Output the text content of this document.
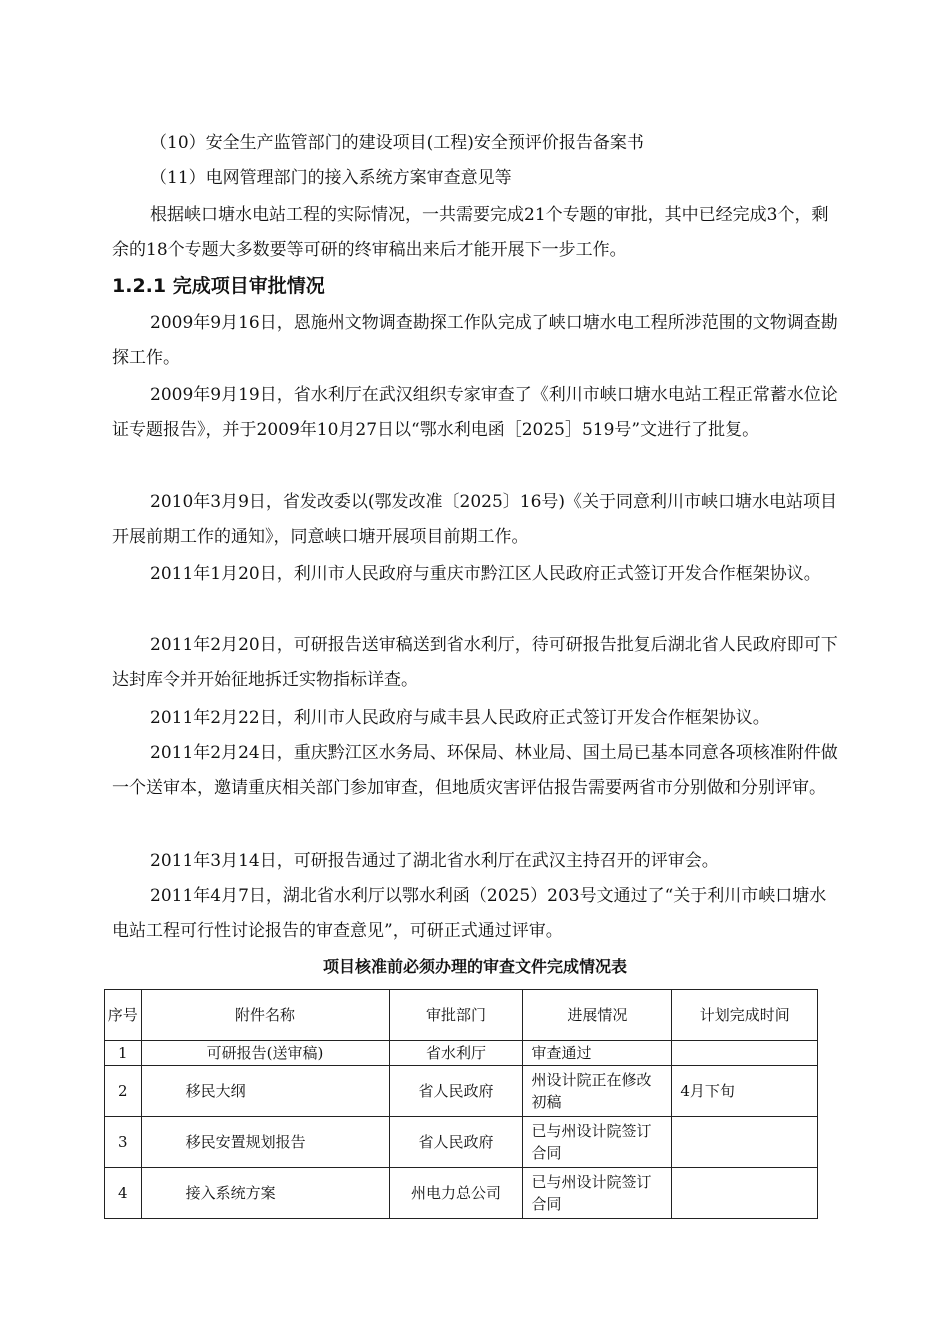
（10）安全生产监管部门的建设项目(工程)安全预评价报告备案书

（11）电网管理部门的接入系统方案审查意见等

根据峡口塘水电站工程的实际情况，一共需要完成21个专题的审批，其中已经完成3个，剩余的18个专题大多数要等可研的终审稿出来后才能开展下一步工作。

1.2.1 完成项目审批情况

2009年9月16日，恩施州文物调查勘探工作队完成了峡口塘水电工程所涉范围的文物调查勘探工作。

2009年9月19日，省水利厅在武汉组织专家审查了《利川市峡口塘水电站工程正常蓄水位论证专题报告》，并于2009年10月27日以“鄂水利电函［2025］519号”文进行了批复。

2010年3月9日，省发改委以(鄂发改准〔2025〕16号)《关于同意利川市峡口塘水电站项目开展前期工作的通知》，同意峡口塘开展项目前期工作。

2011年1月20日，利川市人民政府与重庆市黔江区人民政府正式签订开发合作框架协议。

2011年2月20日，可研报告送审稿送到省水利厅，待可研报告批复后湖北省人民政府即可下达封库令并开始征地拆迁实物指标详查。

2011年2月22日，利川市人民政府与咸丰县人民政府正式签订开发合作框架协议。

2011年2月24日，重庆黔江区水务局、环保局、林业局、国土局已基本同意各项核准附件做一个送审本，邀请重庆相关部门参加审查，但地质灾害评估报告需要两省市分别做和分别评审。

2011年3月14日，可研报告通过了湖北省水利厅在武汉主持召开的评审会。

2011年4月7日，湖北省水利厅以鄂水利函（2025）203号文通过了“关于利川市峡口塘水电站工程可行性讨论报告的审查意见”，可研正式通过评审。

项目核准前必须办理的审查文件完成情况表

序号	附件名称	审批部门	进展情况	计划完成时间
1	可研报告(送审稿)	省水利厅	审查通过	
2	移民大纲	省人民政府	州设计院正在修改初稿	4月下旬
3	移民安置规划报告	省人民政府	已与州设计院签订合同	
4	接入系统方案	州电力总公司	已与州设计院签订合同	
